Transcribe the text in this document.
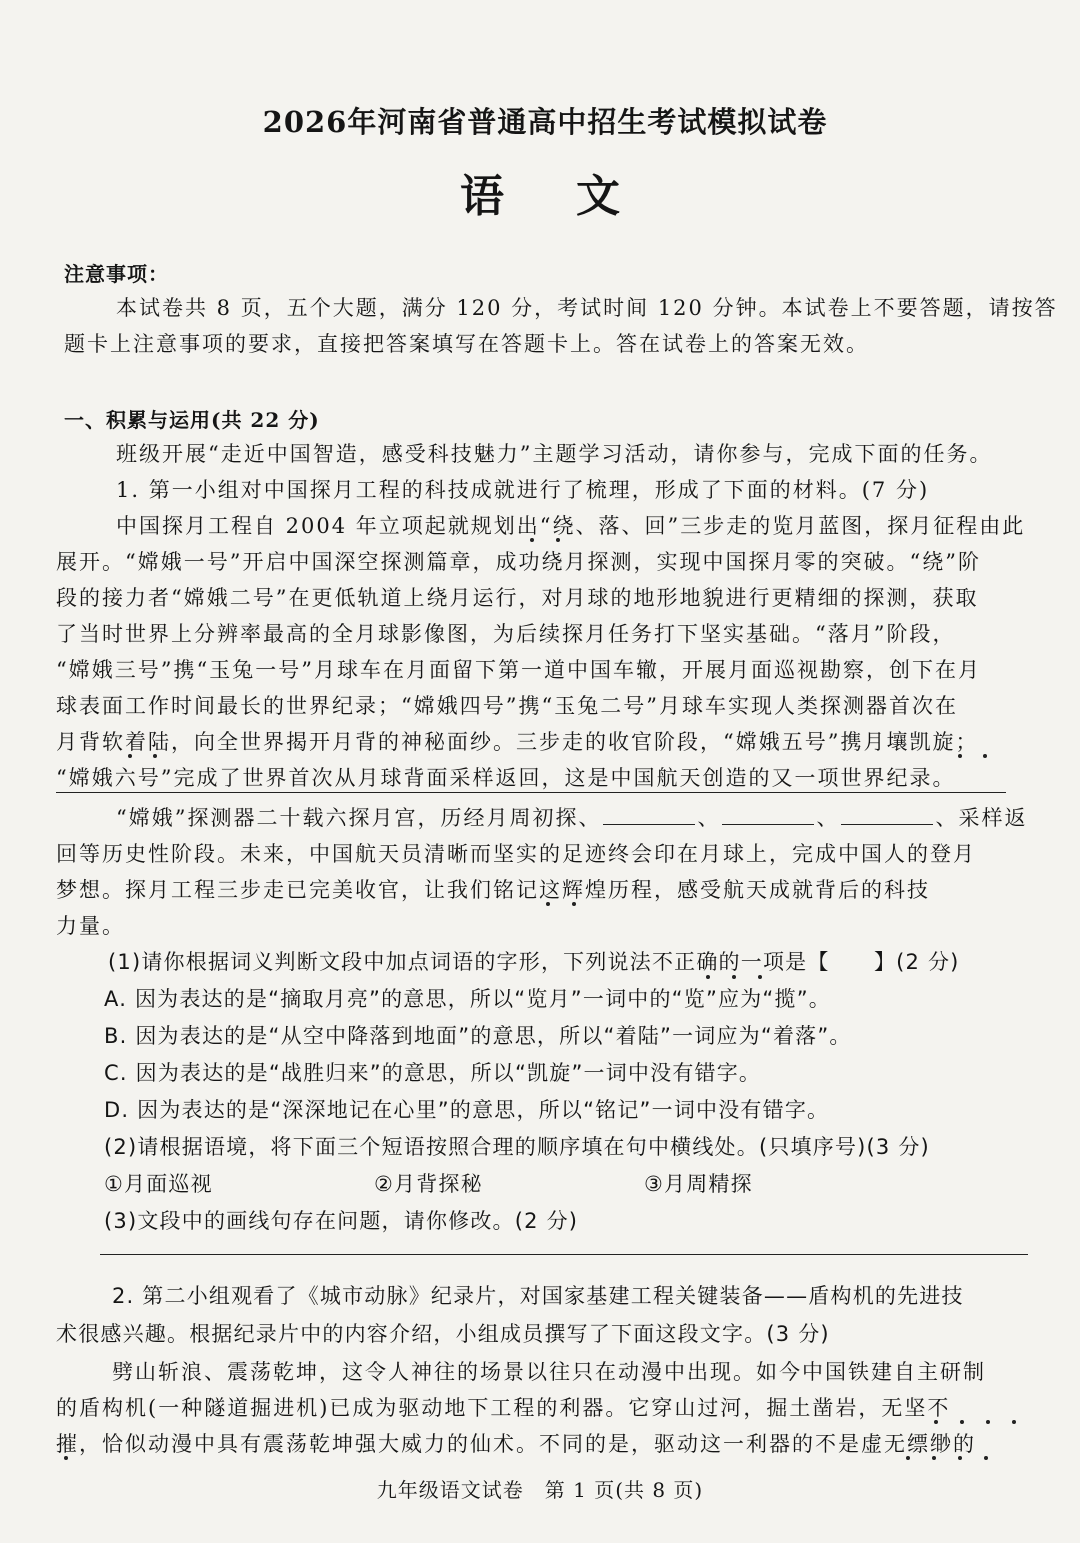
2026年河南省普通高中招生考试模拟试卷
语文
注意事项：
本试卷共 8 页，五个大题，满分 120 分，考试时间 120 分钟。本试卷上不要答题，请按答
题卡上注意事项的要求，直接把答案填写在答题卡上。答在试卷上的答案无效。
一、积累与运用(共 22 分)
班级开展“走近中国智造，感受科技魅力”主题学习活动，请你参与，完成下面的任务。
1. 第一小组对中国探月工程的科技成就进行了梳理，形成了下面的材料。(7 分)
中国探月工程自 2004 年立项起就规划出“绕、落、回”三步走的览月蓝图，探月征程由此
展开。“嫦娥一号”开启中国深空探测篇章，成功绕月探测，实现中国探月零的突破。“绕”阶
段的接力者“嫦娥二号”在更低轨道上绕月运行，对月球的地形地貌进行更精细的探测，获取
了当时世界上分辨率最高的全月球影像图，为后续探月任务打下坚实基础。“落月”阶段，
“嫦娥三号”携“玉兔一号”月球车在月面留下第一道中国车辙，开展月面巡视勘察，创下在月
球表面工作时间最长的世界纪录；“嫦娥四号”携“玉兔二号”月球车实现人类探测器首次在
月背软着陆，向全世界揭开月背的神秘面纱。三步走的收官阶段，“嫦娥五号”携月壤凯旋；
“嫦娥六号”完成了世界首次从月球背面采样返回，这是中国航天创造的又一项世界纪录。
“嫦娥”探测器二十载六探月宫，历经月周初探、	、	、	、采样返
回等历史性阶段。未来，中国航天员清晰而坚实的足迹终会印在月球上，完成中国人的登月
梦想。探月工程三步走已完美收官，让我们铭记这辉煌历程，感受航天成就背后的科技
力量。
(1)请你根据词义判断文段中加点词语的字形，下列说法不正确的一项是【　　】(2 分)
A. 因为表达的是“摘取月亮”的意思，所以“览月”一词中的“览”应为“揽”。
B. 因为表达的是“从空中降落到地面”的意思，所以“着陆”一词应为“着落”。
C. 因为表达的是“战胜归来”的意思，所以“凯旋”一词中没有错字。
D. 因为表达的是“深深地记在心里”的意思，所以“铭记”一词中没有错字。
(2)请根据语境，将下面三个短语按照合理的顺序填在句中横线处。(只填序号)(3 分)
①月面巡视	②月背探秘	③月周精探
(3)文段中的画线句存在问题，请你修改。(2 分)
2. 第二小组观看了《城市动脉》纪录片，对国家基建工程关键装备——盾构机的先进技
术很感兴趣。根据纪录片中的内容介绍，小组成员撰写了下面这段文字。(3 分)
劈山斩浪、震荡乾坤，这令人神往的场景以往只在动漫中出现。如今中国铁建自主研制
的盾构机(一种隧道掘进机)已成为驱动地下工程的利器。它穿山过河，掘土凿岩，无坚不
摧，恰似动漫中具有震荡乾坤强大威力的仙术。不同的是，驱动这一利器的不是虚无缥缈的
九年级语文试卷　第 1 页(共 8 页)
